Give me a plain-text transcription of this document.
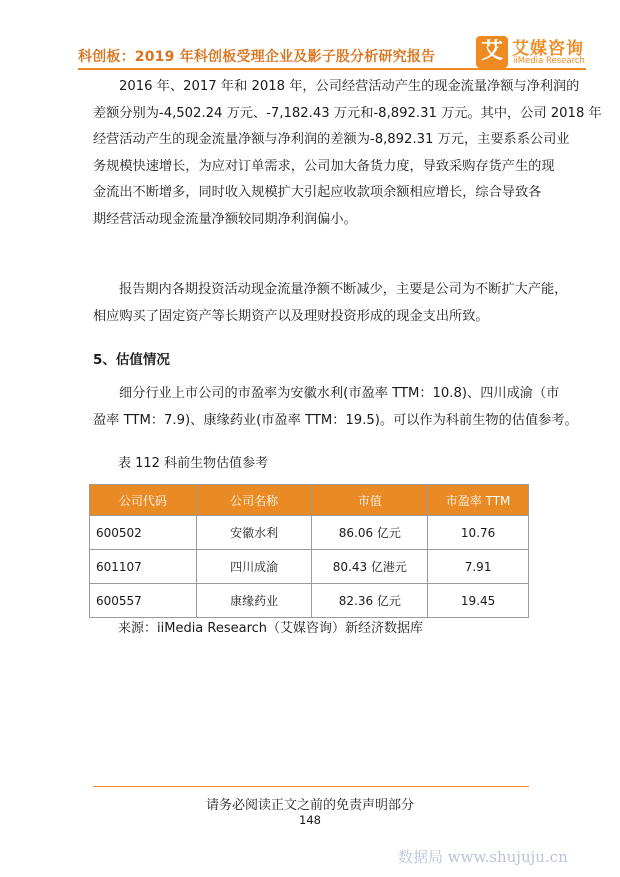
科创板：2019 年科创板受理企业及影子股分析研究报告 艾 艾媒咨询
iiMedia Research
2016 年、2017 年和 2018 年，公司经营活动产生的现金流量净额与净利润的
差额分别为-4,502.24 万元、-7,182.43 万元和-8,892.31 万元。其中，公司 2018 年
经营活动产生的现金流量净额与净利润的差额为-8,892.31 万元，主要系系公司业
务规模快速增长，为应对订单需求，公司加大备货力度，导致采购存货产生的现
金流出不断增多，同时收入规模扩大引起应收款项余额相应增长，综合导致各
期经营活动现金流量净额较同期净利润偏小。
报告期内各期投资活动现金流量净额不断减少，主要是公司为不断扩大产能，
相应购买了固定资产等长期资产以及理财投资形成的现金支出所致。
5、估值情况
细分行业上市公司的市盈率为安徽水利(市盈率 TTM：10.8)、四川成渝（市
盈率 TTM：7.9)、康缘药业(市盈率 TTM：19.5)。可以作为科前生物的估值参考。
表 112 科前生物估值参考
公司代码	公司名称	市值	市盈率 TTM
600502	安徽水利	86.06 亿元	10.76
601107	四川成渝	80.43 亿港元	7.91
600557	康缘药业	82.36 亿元	19.45
来源：iiMedia Research（艾媒咨询）新经济数据库
请务必阅读正文之前的免责声明部分
148
数据局 www.shujuju.cn
